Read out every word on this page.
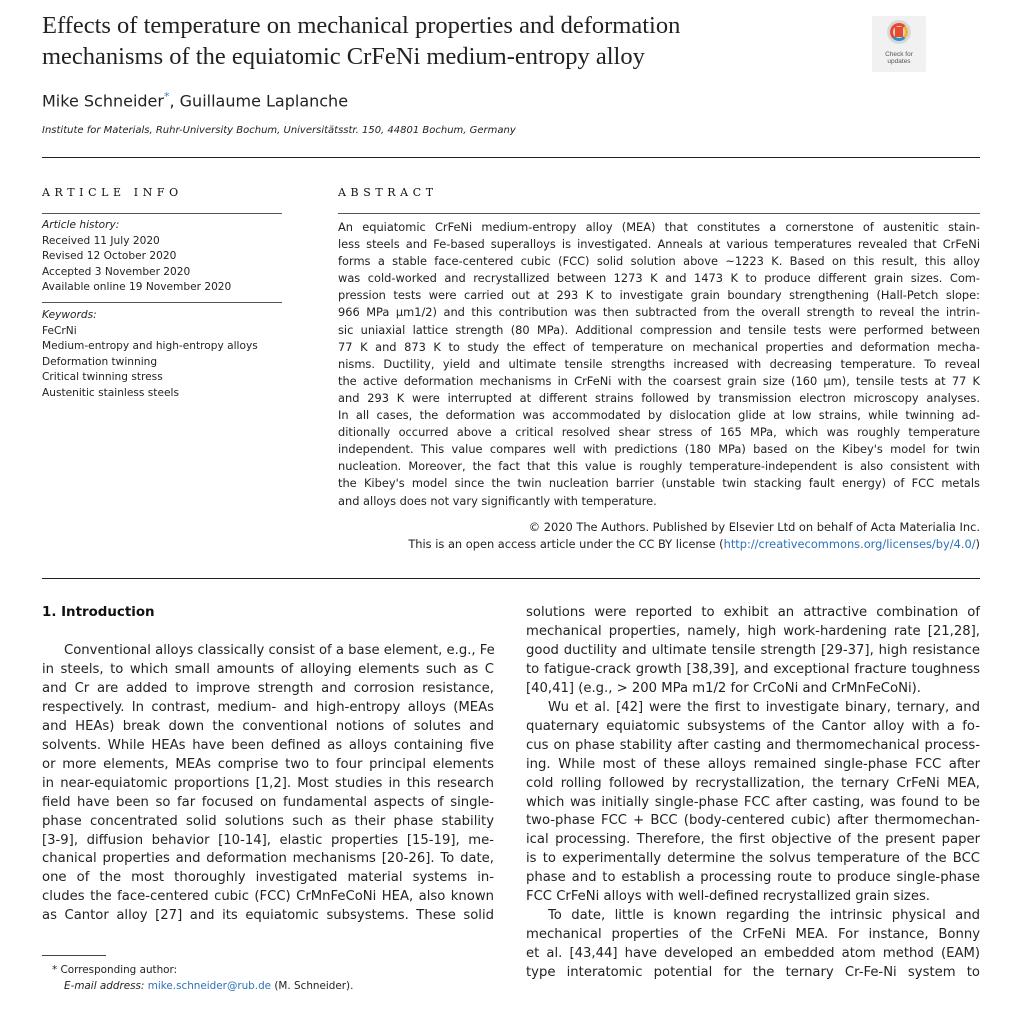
Effects of temperature on mechanical properties and deformation
mechanisms of the equiatomic CrFeNi medium-entropy alloy	Check for
updates
Mike Schneider*, Guillaume Laplanche
Institute for Materials, Ruhr-University Bochum, Universitätsstr. 150, 44801 Bochum, Germany
ARTICLE INFO
Article history:
Received 11 July 2020
Revised 12 October 2020
Accepted 3 November 2020
Available online 19 November 2020
Keywords:
FeCrNi
Medium-entropy and high-entropy alloys
Deformation twinning
Critical twinning stress
Austenitic stainless steels
ABSTRACT
An equiatomic CrFeNi medium-entropy alloy (MEA) that constitutes a cornerstone of austenitic stain-
less steels and Fe-based superalloys is investigated. Anneals at various temperatures revealed that CrFeNi
forms a stable face-centered cubic (FCC) solid solution above ~1223 K. Based on this result, this alloy
was cold-worked and recrystallized between 1273 K and 1473 K to produce different grain sizes. Com-
pression tests were carried out at 293 K to investigate grain boundary strengthening (Hall-Petch slope:
966 MPa µm1/2) and this contribution was then subtracted from the overall strength to reveal the intrin-
sic uniaxial lattice strength (80 MPa). Additional compression and tensile tests were performed between
77 K and 873 K to study the effect of temperature on mechanical properties and deformation mecha-
nisms. Ductility, yield and ultimate tensile strengths increased with decreasing temperature. To reveal
the active deformation mechanisms in CrFeNi with the coarsest grain size (160 µm), tensile tests at 77 K
and 293 K were interrupted at different strains followed by transmission electron microscopy analyses.
In all cases, the deformation was accommodated by dislocation glide at low strains, while twinning ad-
ditionally occurred above a critical resolved shear stress of 165 MPa, which was roughly temperature
independent. This value compares well with predictions (180 MPa) based on the Kibey's model for twin
nucleation. Moreover, the fact that this value is roughly temperature-independent is also consistent with
the Kibey's model since the twin nucleation barrier (unstable twin stacking fault energy) of FCC metals
and alloys does not vary significantly with temperature.
© 2020 The Authors. Published by Elsevier Ltd on behalf of Acta Materialia Inc.
This is an open access article under the CC BY license (http://creativecommons.org/licenses/by/4.0/)
1. Introduction
Conventional alloys classically consist of a base element, e.g., Fe
in steels, to which small amounts of alloying elements such as C
and Cr are added to improve strength and corrosion resistance,
respectively. In contrast, medium- and high-entropy alloys (MEAs
and HEAs) break down the conventional notions of solutes and
solvents. While HEAs have been defined as alloys containing five
or more elements, MEAs comprise two to four principal elements
in near-equiatomic proportions [1,2]. Most studies in this research
field have been so far focused on fundamental aspects of single-
phase concentrated solid solutions such as their phase stability
[3-9], diffusion behavior [10-14], elastic properties [15-19], me-
chanical properties and deformation mechanisms [20-26]. To date,
one of the most thoroughly investigated material systems in-
cludes the face-centered cubic (FCC) CrMnFeCoNi HEA, also known
as Cantor alloy [27] and its equiatomic subsystems. These solid
solutions were reported to exhibit an attractive combination of
mechanical properties, namely, high work-hardening rate [21,28],
good ductility and ultimate tensile strength [29-37], high resistance
to fatigue-crack growth [38,39], and exceptional fracture toughness
[40,41] (e.g., > 200 MPa m1/2 for CrCoNi and CrMnFeCoNi).
Wu et al. [42] were the first to investigate binary, ternary, and
quaternary equiatomic subsystems of the Cantor alloy with a fo-
cus on phase stability after casting and thermomechanical process-
ing. While most of these alloys remained single-phase FCC after
cold rolling followed by recrystallization, the ternary CrFeNi MEA,
which was initially single-phase FCC after casting, was found to be
two-phase FCC + BCC (body-centered cubic) after thermomechan-
ical processing. Therefore, the first objective of the present paper
is to experimentally determine the solvus temperature of the BCC
phase and to establish a processing route to produce single-phase
FCC CrFeNi alloys with well-defined recrystallized grain sizes.
To date, little is known regarding the intrinsic physical and
mechanical properties of the CrFeNi MEA. For instance, Bonny
et al. [43,44] have developed an embedded atom method (EAM)
type interatomic potential for the ternary Cr-Fe-Ni system to
* Corresponding author:
E-mail address: mike.schneider@rub.de (M. Schneider).
